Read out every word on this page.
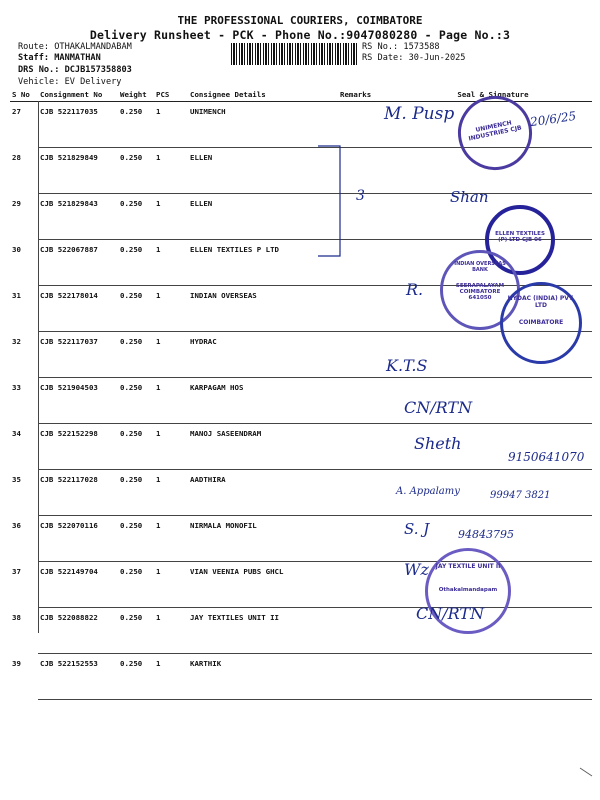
THE PROFESSIONAL COURIERS, COIMBATORE
Delivery Runsheet - PCK - Phone No.:9047080280 - Page No.:3
Route: OTHAKALMANDABAM
Staff: MANMATHAN
DRS No.: DCJB157358803
Vehicle: EV Delivery
RS No.: 1573588
RS Date: 30-Jun-2025
S No	Consignment No	Weight	PCS	Consignee Details	Remarks	Seal & Signature
27	CJB 522117035	0.250	1	UNIMENCH		
28	CJB 521829849	0.250	1	ELLEN		
29	CJB 521829843	0.250	1	ELLEN		
30	CJB 522067887	0.250	1	ELLEN TEXTILES P LTD		
31	CJB 522178014	0.250	1	INDIAN OVERSEAS		
32	CJB 522117037	0.250	1	HYDRAC		
33	CJB 521904503	0.250	1	KARPAGAM HOS		
34	CJB 522152298	0.250	1	MANOJ SASEENDRAM		
35	CJB 522117028	0.250	1	AADTHIRA		
36	CJB 522070116	0.250	1	NIRMALA MONOFIL		
37	CJB 522149704	0.250	1	VIAN VEENIA PUBS GHCL		
38	CJB 522088822	0.250	1	JAY TEXTILES UNIT II		
39	CJB 522152553	0.250	1	KARTHIK		
3
UNIMENCH INDUSTRIES CJB
M. Pusp	20/6/25
Shan
ELLEN TEXTILES (P) LTD CJB 06
INDIAN OVERSEAS BANK
SEERAPALAYAM COIMBATORE 641050
R.	HYDAC (INDIA) PVT. LTD
COIMBATORE
K.T.S
CN/RTN
Sheth
9150641070
A. Appalamy	99947 3821
S. J	94843795
JAY TEXTILE UNIT II
Othakalmandapam
Wz
CN/RTN
